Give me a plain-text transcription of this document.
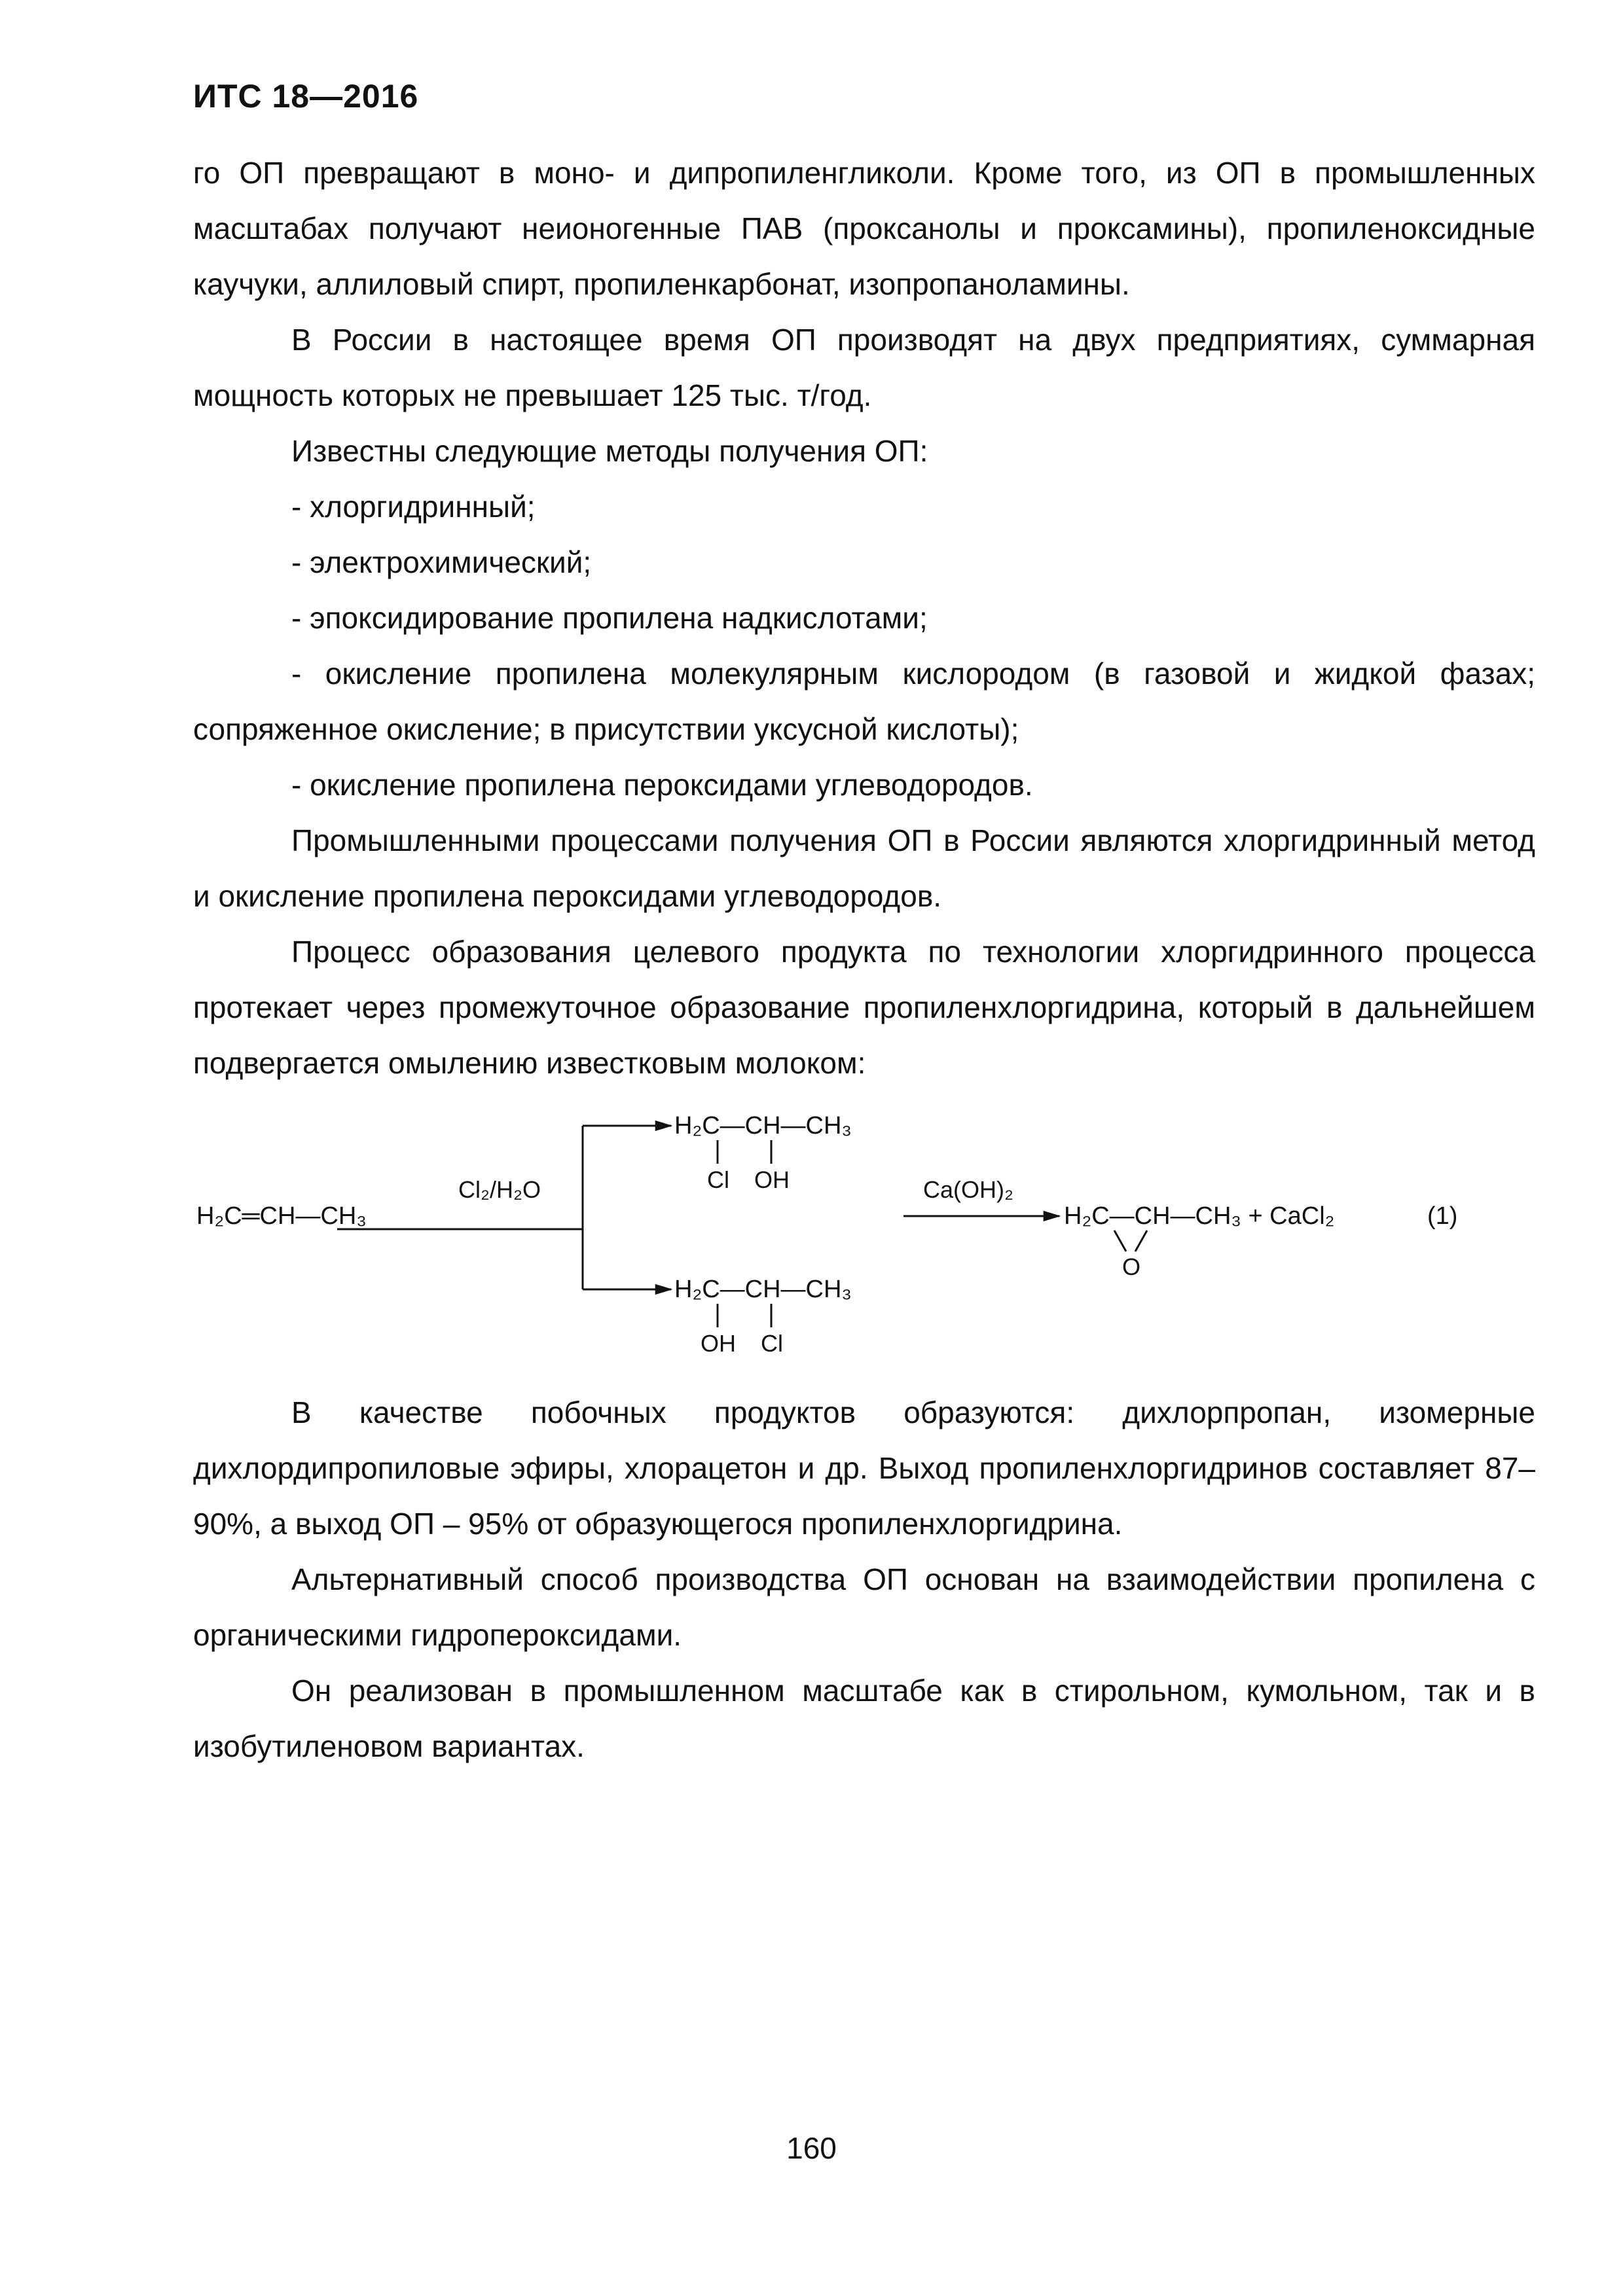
ИТС 18—2016

го ОП превращают в моно- и дипропиленгликоли. Кроме того, из ОП в промышленных масштабах получают неионогенные ПАВ (проксанолы и проксамины), пропиленоксидные каучуки, аллиловый спирт, пропиленкарбонат, изопропаноламины.

В России в настоящее время ОП производят на двух предприятиях, суммарная мощность которых не превышает 125 тыс. т/год.

Известны следующие методы получения ОП:

- хлоргидринный;

- электрохимический;

- эпоксидирование пропилена надкислотами;

- окисление пропилена молекулярным кислородом (в газовой и жидкой фазах; сопряженное окисление; в присутствии уксусной кислоты);

- окисление пропилена пероксидами углеводородов.

Промышленными процессами получения ОП в России являются хлоргидринный метод и окисление пропилена пероксидами углеводородов.

Процесс образования целевого продукта по технологии хлоргидринного процесса протекает через промежуточное образование пропиленхлоргидрина, который в дальнейшем подвергается омылению известковым молоком:

H₂C═CH—CH₃
Cl₂/H₂O
H₂C—CH—CH₃
Cl OH
H₂C—CH—CH₃
OH Cl
Ca(OH)₂
H₂C—CH—CH₃ + CaCl₂
O
(1)

В качестве побочных продуктов образуются: дихлорпропан, изомерные дихлордипропиловые эфиры, хлорацетон и др. Выход пропиленхлоргидринов составляет 87–90%, а выход ОП – 95% от образующегося пропиленхлоргидрина.

Альтернативный способ производства ОП основан на взаимодействии пропилена с органическими гидропероксидами.

Он реализован в промышленном масштабе как в стирольном, кумольном, так и в изобутиленовом вариантах.

160
